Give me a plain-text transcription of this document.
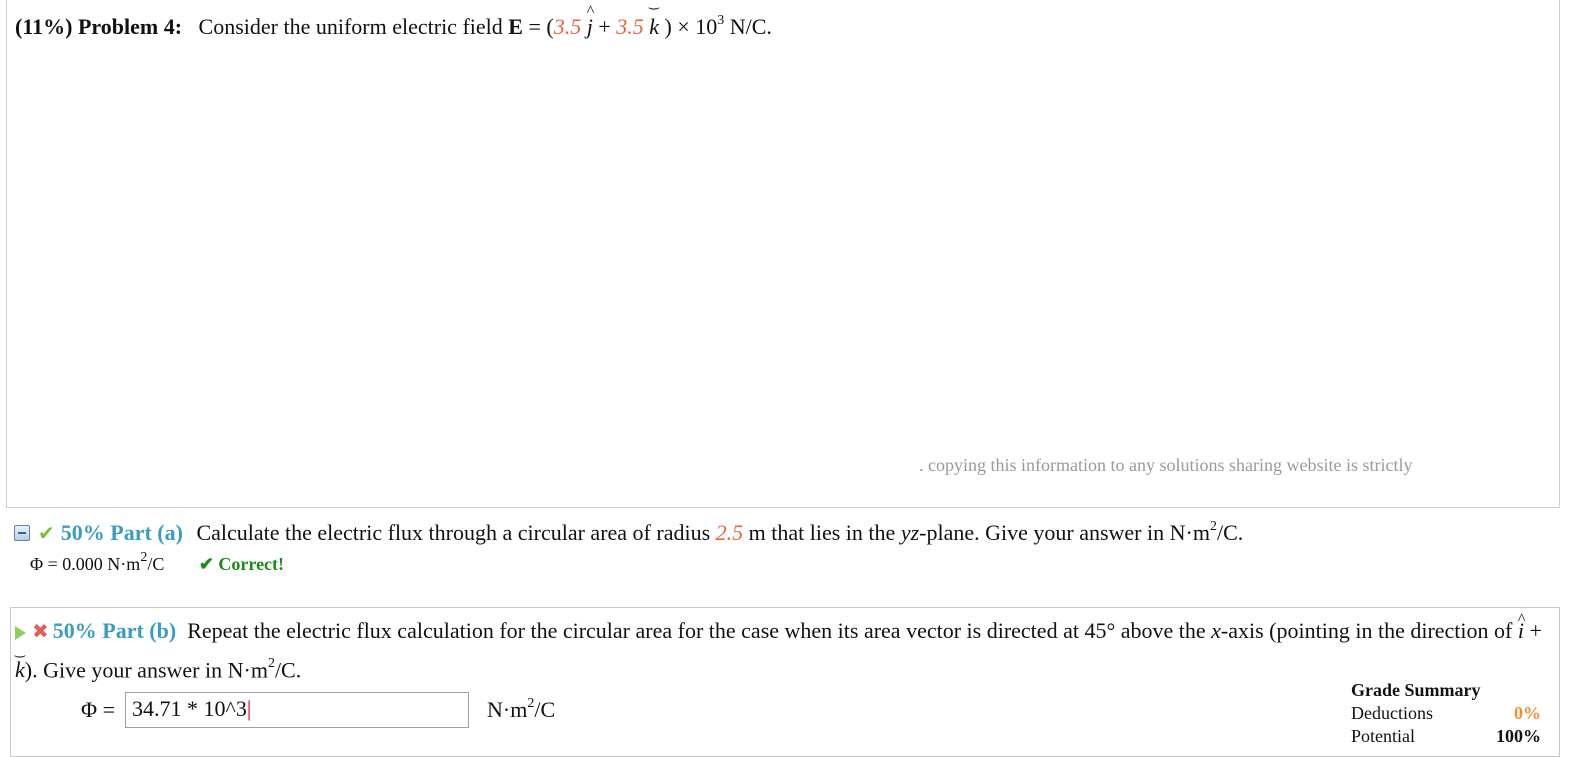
(11%) Problem 4: Consider the uniform electric field E = (3.5 ^ j + 3.5 ⌢ k ) × $10^3$ N/C.
. copying this information to any solutions sharing website is strictly
✔ 50% Part (a)
Calculate the electric flux through a circular area of radius 2.5 m that lies in the yz-plane. Give your answer in $N\cdot m^2/C$.
Φ = 0.000 $N\cdot m^2/C$ ✔ Correct!
✖ 50% Part (b) Repeat the electric flux calculation for the circular area for the case when its area vector is directed at 45° above the x-axis (pointing in the direction of ^ i + ⌢ k). Give your answer in $N\cdot m^2/C$.
Φ = 34.71 * 10^3|	$N\cdot m^2/C$
Grade Summary
Deductions	0%
Potential	100%
